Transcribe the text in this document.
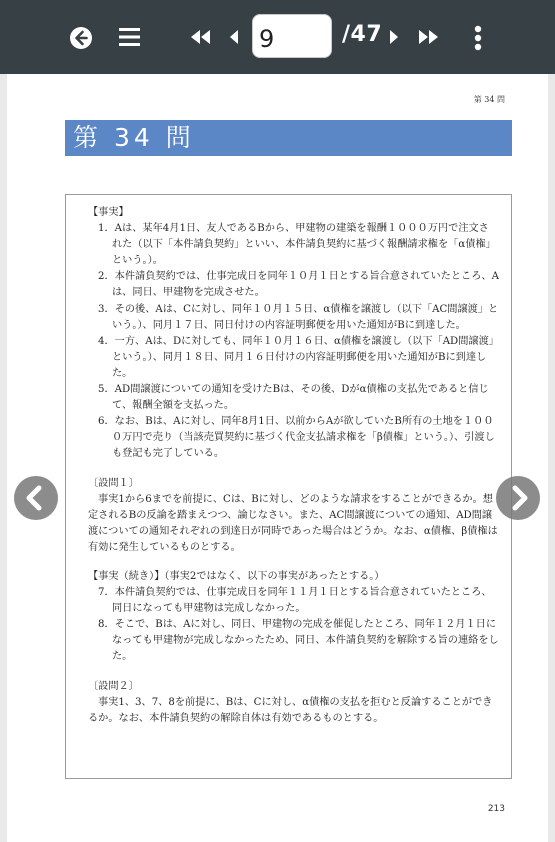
9
/47
第 34 問
第 34 問

【事実】

1．Aは、某年4月1日、友人であるBから、甲建物の建築を報酬１０００万円で注文された（以下「本件請負契約」といい、本件請負契約に基づく報酬請求権を「α債権」という。）。

2．本件請負契約では、仕事完成日を同年１０月１日とする旨合意されていたところ、Aは、同日、甲建物を完成させた。

3．その後、Aは、Cに対し、同年１０月１５日、α債権を譲渡し（以下「AC間譲渡」という。）、同月１７日、同日付けの内容証明郵便を用いた通知がBに到達した。

4．一方、Aは、Dに対しても、同年１０月１６日、α債権を譲渡し（以下「AD間譲渡」という。）、同月１８日、同月１６日付けの内容証明郵便を用いた通知がBに到達した。

5．AD間譲渡についての通知を受けたBは、その後、Dがα債権の支払先であると信じて、報酬全額を支払った。

6．なお、Bは、Aに対し、同年8月1日、以前からAが欲していたB所有の土地を１０００万円で売り（当該売買契約に基づく代金支払請求権を「β債権」という。）、引渡しも登記も完了している。

〔設問１〕

事実1から6までを前提に、Cは、Bに対し、どのような請求をすることができるか。想定されるBの反論を踏まえつつ、論じなさい。また、AC間譲渡についての通知、AD間譲渡についての通知それぞれの到達日が同時であった場合はどうか。なお、α債権、β債権は有効に発生しているものとする。

【事実（続き）】（事実2ではなく、以下の事実があったとする。）

7．本件請負契約では、仕事完成日を同年１１月１日とする旨合意されていたところ、同日になっても甲建物は完成しなかった。

8．そこで、Bは、Aに対し、同日、甲建物の完成を催促したところ、同年１２月１日になっても甲建物が完成しなかったため、同日、本件請負契約を解除する旨の連絡をした。

〔設問２〕

事実1、3、7、8を前提に、Bは、Cに対し、α債権の支払を拒むと反論することができるか。なお、本件請負契約の解除自体は有効であるものとする。

213
